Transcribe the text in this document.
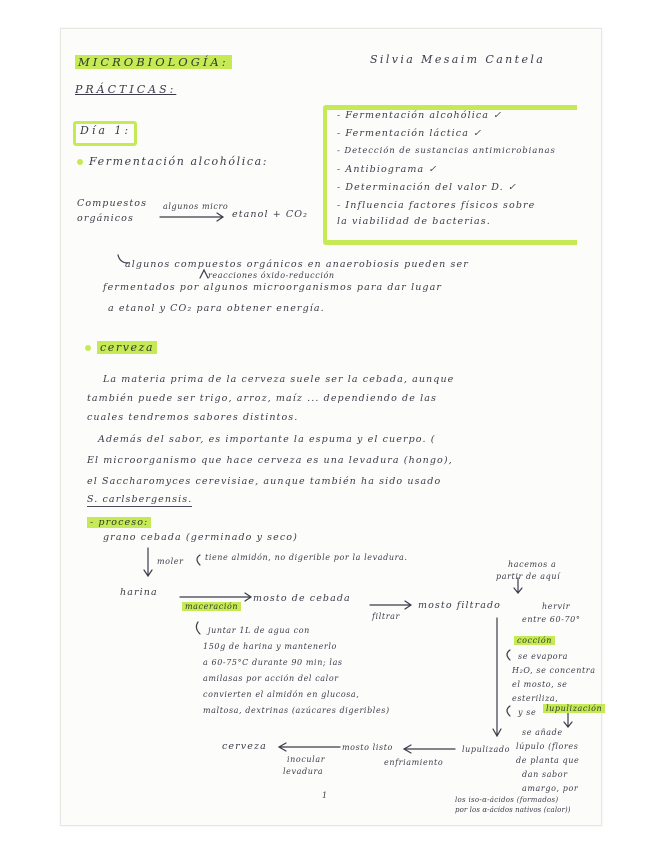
MICROBIOLOGÍA:	Silvia Mesaim Cantela
PRÁCTICAS:
Día 1:
- Fermentación alcohólica ✓
- Fermentación láctica ✓
- Detección de sustancias antimicrobianas
- Antibiograma ✓
- Determinación del valor D. ✓
- Influencia factores físicos sobre
la viabilidad de bacterias.
Fermentación alcohólica:
Compuestos
orgánicos
algunos micro
etanol + CO₂
algunos compuestos orgánicos en anaerobiosis pueden ser
reacciones óxido-reducción
fermentados por algunos microorganismos para dar lugar
a etanol y CO₂ para obtener energía.
cerveza
La materia prima de la cerveza suele ser la cebada, aunque
también puede ser trigo, arroz, maíz ... dependiendo de las
cuales tendremos sabores distintos.
Además del sabor, es importante la espuma y el cuerpo. (
El microorganismo que hace cerveza es una levadura (hongo),
el Saccharomyces cerevisiae, aunque también ha sido usado
S. carlsbergensis.
- proceso:
grano cebada (germinado y seco)
moler	tiene almidón, no digerible por la levadura.
harina
maceración
mosto de cebada
filtrar
mosto filtrado
hacemos a
partir de aquí
hervir
entre 60-70°
juntar 1L de agua con
150g de harina y mantenerlo
a 60-75°C durante 90 min; las
amilasas por acción del calor
convierten el almidón en glucosa,
maltosa, dextrinas (azúcares digeribles)
cocción
se evapora
H₂O, se concentra
el mosto, se
esteriliza,
y se	lupulización
se añade
lúpulo (flores
de planta que
dan sabor
amargo, por
los iso-α-ácidos (formados)
por los α-ácidos nativos (calor))
lupulizado
enfriamiento
mosto listo
inocular
levadura
cerveza
1
